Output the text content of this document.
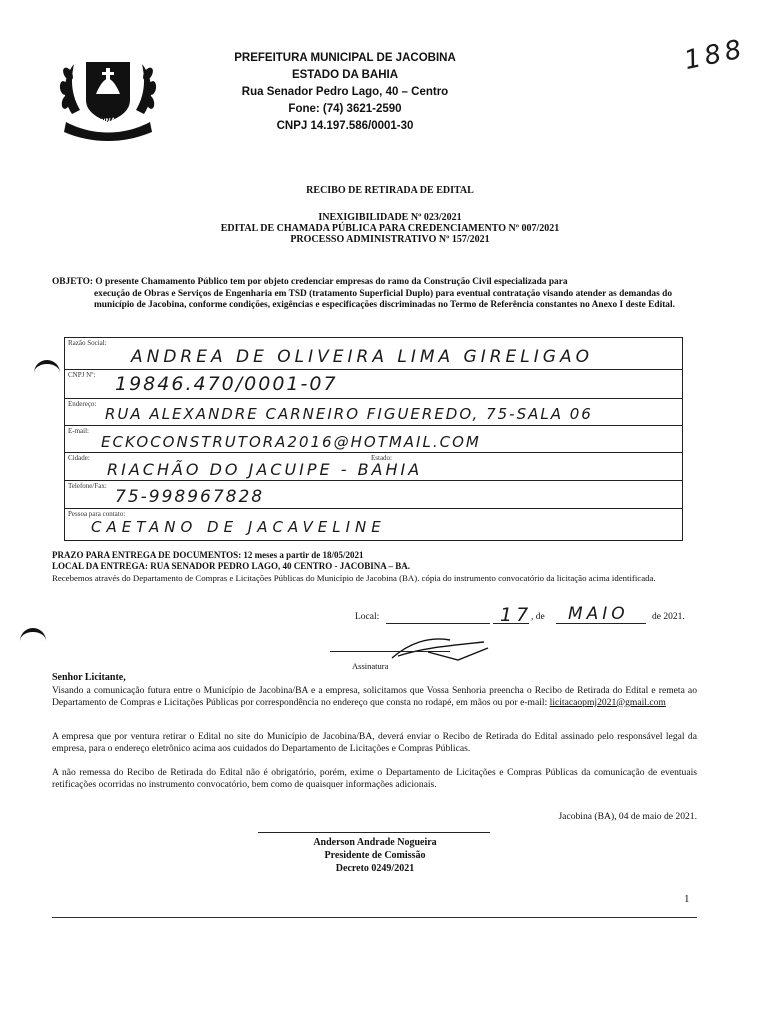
188
JACOBINA - 1880
PREFEITURA MUNICIPAL DE JACOBINA
ESTADO DA BAHIA
Rua Senador Pedro Lago, 40 – Centro
Fone: (74) 3621-2590
CNPJ 14.197.586/0001-30
RECIBO DE RETIRADA DE EDITAL
INEXIGIBILIDADE Nº 023/2021
EDITAL DE CHAMADA PÚBLICA PARA CREDENCIAMENTO Nº 007/2021
PROCESSO ADMINISTRATIVO Nº 157/2021
OBJETO: O presente Chamamento Público tem por objeto credenciar empresas do ramo da Construção Civil especializada para
execução de Obras e Serviços de Engenharia em TSD (tratamento Superficial Duplo) para eventual contratação visando atender as demandas do município de Jacobina, conforme condições, exigências e especificações discriminadas no Termo de Referência constantes no Anexo I deste Edital.
Razão Social:
ANDREA DE OLIVEIRA LIMA GIRELIGAO
CNPJ Nº: 19846.470/0001-07
Endereço:
RUA ALEXANDRE CARNEIRO FIGUEREDO, 75-SALA 06
E-mail:
ECKOCONSTRUTORA2016@HOTMAIL.COM
Cidade:	Estado:
RIACHÃO DO JACUIPE - BAHIA
Telefone/Fax:
75-998967828
Pessoa para contato:
CAETANO DE JACAVELINE
PRAZO PARA ENTREGA DE DOCUMENTOS: 12 meses a partir de 18/05/2021
LOCAL DA ENTREGA: RUA SENADOR PEDRO LAGO, 40 CENTRO - JACOBINA – BA.
Recebemos através do Departamento de Compras e Licitações Públicas do Município de Jacobina (BA). cópia do instrumento convocatório da licitação acima identificada.
Local:	17
, de MAIO de 2021.
Assinatura
Senhor Licitante,
Visando a comunicação futura entre o Município de Jacobina/BA e a empresa, solicitamos que Vossa Senhoria preencha o Recibo de Retirada do Edital e remeta ao Departamento de Compras e Licitações Públicas por correspondência no endereço que consta no rodapé, em mãos ou por e-mail: licitacaopmj2021@gmail.com
A empresa que por ventura retirar o Edital no site do Município de Jacobina/BA, deverá enviar o Recibo de Retirada do Edital assinado pelo responsável legal da empresa, para o endereço eletrônico acima aos cuidados do Departamento de Licitações e Compras Públicas.
A não remessa do Recibo de Retirada do Edital não é obrigatório, porém, exime o Departamento de Licitações e Compras Públicas da comunicação de eventuais retificações ocorridas no instrumento convocatório, bem como de quaisquer informações adicionais.
Jacobina (BA), 04 de maio de 2021.
Anderson Andrade Nogueira
Presidente de Comissão
Decreto 0249/2021
1
